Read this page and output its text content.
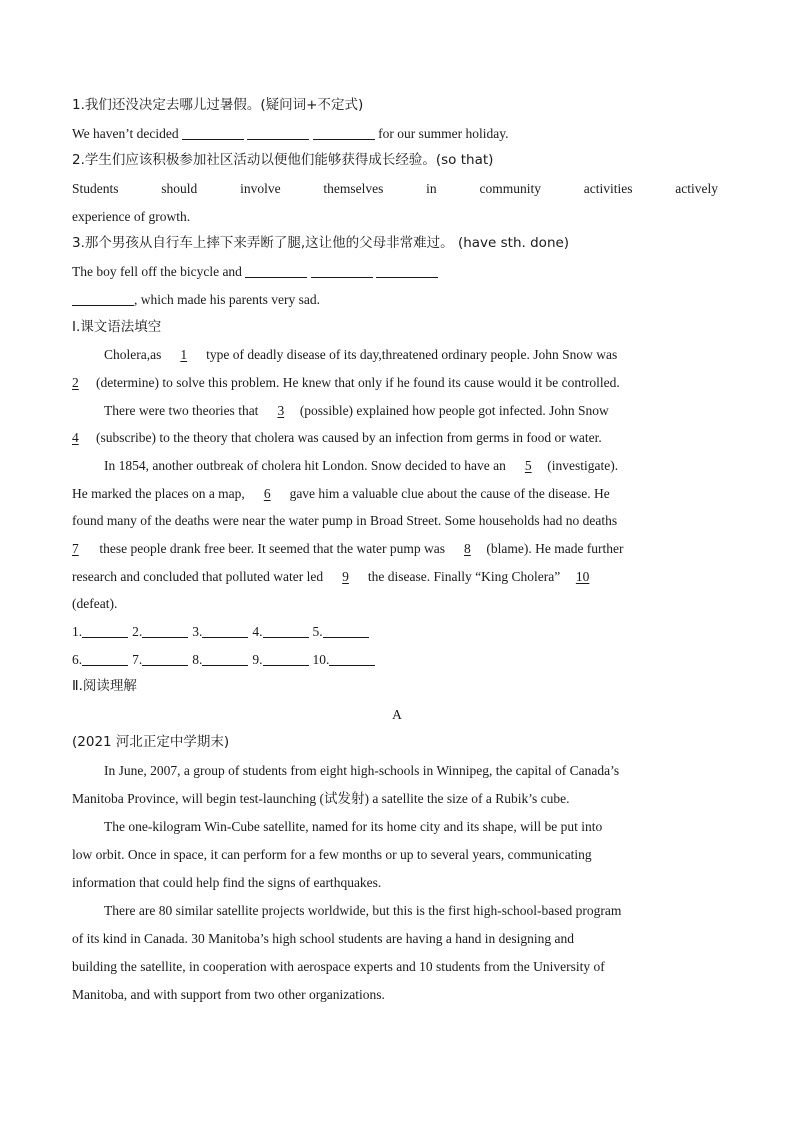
1.我们还没决定去哪儿过暑假。(疑问词+不定式)
We haven’t decided	for our summer holiday.
2.学生们应该积极参加社区活动以便他们能够获得成长经验。(so that)
Students	should	involve	themselves	in	community	activities	actively
experience of growth.
3.那个男孩从自行车上摔下来弄断了腿,这让他的父母非常难过。 (have sth. done)
The boy fell off the bicycle and
, which made his parents very sad.
Ⅰ.课文语法填空
Cholera,as 1 type of deadly disease of its day,threatened ordinary people. John Snow was
2 (determine) to solve this problem. He knew that only if he found its cause would it be controlled.
There were two theories that 3 (possible) explained how people got infected. John Snow
4 (subscribe) to the theory that cholera was caused by an infection from germs in food or water.
In 1854, another outbreak of cholera hit London. Snow decided to have an 5 (investigate).
He marked the places on a map, 6 gave him a valuable clue about the cause of the disease. He
found many of the deaths were near the water pump in Broad Street. Some households had no deaths
7 these people drank free beer. It seemed that the water pump was 8 (blame). He made further
research and concluded that polluted water led 9 the disease. Finally “King Cholera” 10
(defeat).
1.	2.	3.	4.	5.
6.	7.	8.	9.	10.
Ⅱ.阅读理解
A
(2021 河北正定中学期末)
In June, 2007, a group of students from eight high-schools in Winnipeg, the capital of Canada’s
Manitoba Province, will begin test-launching (试发射) a satellite the size of a Rubik’s cube.
The one-kilogram Win-Cube satellite, named for its home city and its shape, will be put into
low orbit. Once in space, it can perform for a few months or up to several years, communicating
information that could help find the signs of earthquakes.
There are 80 similar satellite projects worldwide, but this is the first high-school-based program
of its kind in Canada. 30 Manitoba’s high school students are having a hand in designing and
building the satellite, in cooperation with aerospace experts and 10 students from the University of
Manitoba, and with support from two other organizations.
